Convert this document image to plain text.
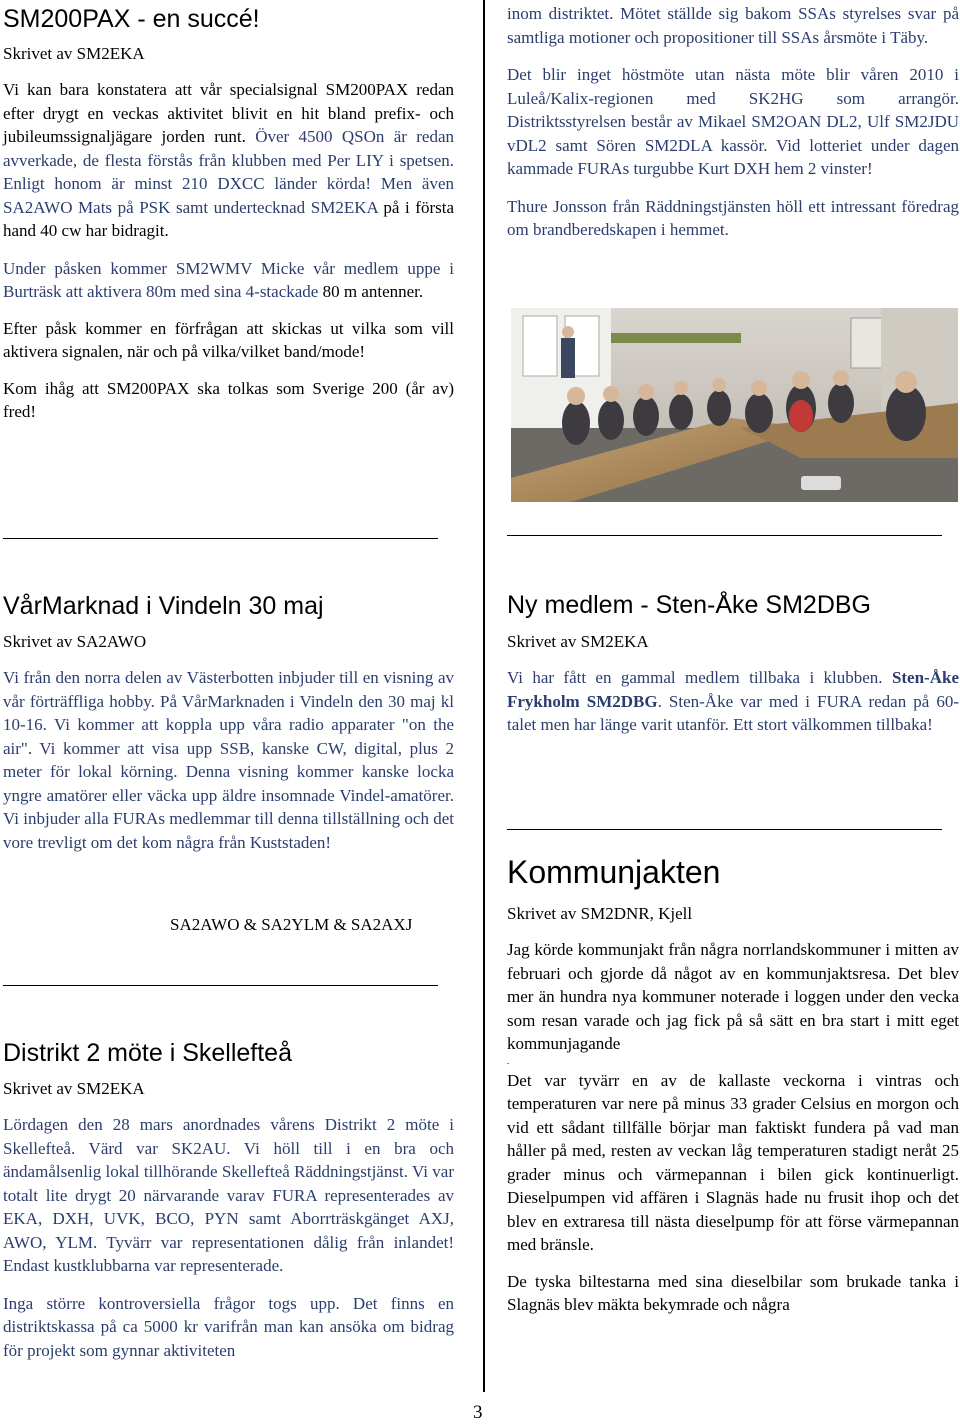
SM200PAX - en succé!
Skrivet av SM2EKA

Vi kan bara konstatera att vår specialsignal SM200PAX redan efter drygt en veckas aktivitet blivit en hit bland prefix- och jubileumssignaljägare jorden runt. Över 4500 QSOn är redan avverkade, de flesta förstås från klubben med Per LIY i spetsen. Enligt honom är minst 210 DXCC länder körda! Men även SA2AWO Mats på PSK samt undertecknad SM2EKA på i första hand 40 cw har bidragit.

Under påsken kommer SM2WMV Micke vår medlem uppe i Burträsk att aktivera 80m med sina 4-stackade 80 m antenner.

Efter påsk kommer en förfrågan att skickas ut vilka som vill aktivera signalen, när och på vilka/vilket band/mode!

Kom ihåg att SM200PAX ska tolkas som Sverige 200 (år av) fred!

VårMarknad i Vindeln 30 maj
Skrivet av SA2AWO

Vi från den norra delen av Västerbotten inbjuder till en visning av vår förträffliga hobby. På VårMarknaden i Vindeln den 30 maj kl 10-16. Vi kommer att koppla upp våra radio apparater "on the air". Vi kommer att visa upp SSB, kanske CW, digital, plus 2 meter för lokal körning. Denna visning kommer kanske locka yngre amatörer eller väcka upp äldre insomnade Vindel-amatörer. Vi inbjuder alla FURAs medlemmar till denna tillställning och det vore trevligt om det kom några från Kuststaden!

SA2AWO & SA2YLM & SA2AXJ
Distrikt 2 möte i Skellefteå
Skrivet av SM2EKA

Lördagen den 28 mars anordnades vårens Distrikt 2 möte i Skellefteå. Värd var SK2AU. Vi höll till i en bra och ändamålsenlig lokal tillhörande Skellefteå Räddningstjänst. Vi var totalt lite drygt 20 närvarande varav FURA representerades av EKA, DXH, UVK, BCO, PYN samt Aborrträskgänget AXJ, AWO, YLM. Tyvärr var representationen dålig från inlandet! Endast kustklubbarna var representerade.

Inga större kontroversiella frågor togs upp. Det finns en distriktskassa på ca 5000 kr varifrån man kan ansöka om bidrag för projekt som gynnar aktiviteten

inom distriktet. Mötet ställde sig bakom SSAs styrelses svar på samtliga motioner och propositioner till SSAs årsmöte i Täby.

Det blir inget höstmöte utan nästa möte blir våren 2010 i Luleå/Kalix-regionen med SK2HG som arrangör. Distriktsstyrelsen består av Mikael SM2OAN DL2, Ulf SM2JDU vDL2 samt Sören SM2DLA kassör. Vid lotteriet under dagen kammade FURAs turgubbe Kurt DXH hem 2 vinster!

Thure Jonsson från Räddningstjänsten höll ett intressant föredrag om brandberedskapen i hemmet.

Ny medlem - Sten-Åke SM2DBG
Skrivet av SM2EKA

Vi har fått en gammal medlem tillbaka i klubben. Sten-Åke Frykholm SM2DBG. Sten-Åke var med i FURA redan på 60-talet men har länge varit utanför. Ett stort välkommen tillbaka!

Kommunjakten
Skrivet av SM2DNR, Kjell

Jag körde kommunjakt från några norrlandskommuner i mitten av februari och gjorde då något av en kommunjaktsresa. Det blev mer än hundra nya kommuner noterade i loggen under den vecka som resan varade och jag fick på så sätt en bra start i mitt eget kommunjagande

.

Det var tyvärr en av de kallaste veckorna i vintras och temperaturen var nere på minus 33 grader Celsius en morgon och vid ett sådant tillfälle börjar man faktiskt fundera på vad man håller på med, resten av veckan låg temperaturen stadigt neråt 25 grader minus och värmepannan i bilen gick kontinuerligt. Dieselpumpen vid affären i Slagnäs hade nu frusit ihop och det blev en extraresa till nästa dieselpump för att förse värmepannan med bränsle.

De tyska biltestarna med sina dieselbilar som brukade tanka i Slagnäs blev mäkta bekymrade och några

3
